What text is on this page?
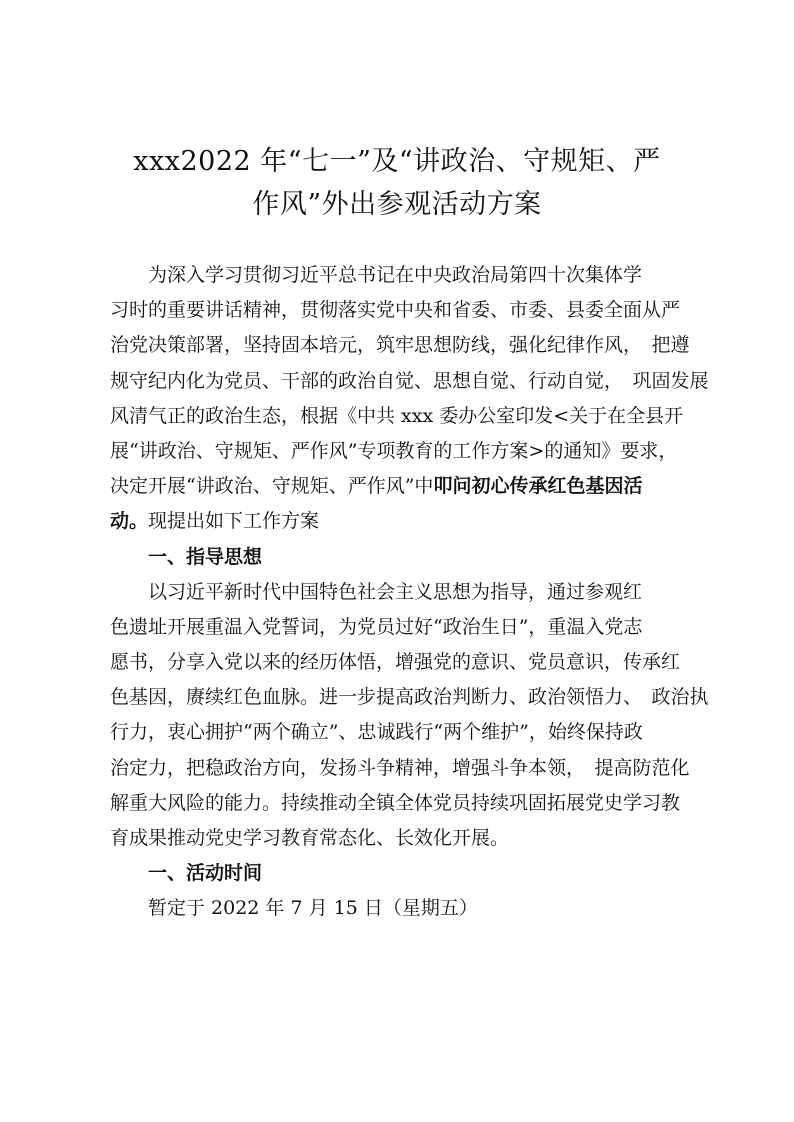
xxx2022 年“七一”及“讲政治、守规矩、严
作风”外出参观活动方案
为深入学习贯彻习近平总书记在中央政治局第四十次集体学
习时的重要讲话精神，贯彻落实党中央和省委、市委、县委全面从严
治党决策部署，坚持固本培元，筑牢思想防线，强化纪律作风，　把遵
规守纪内化为党员、干部的政治自觉、思想自觉、行动自觉，　巩固发展
风清气正的政治生态，根据《中共 xxx 委办公室印发<关于在全县开
展“讲政治、守规矩、严作风”专项教育的工作方案>的通知》要求，
决定开展“讲政治、守规矩、严作风”中叩问初心传承红色基因活
动。现提出如下工作方案
一、指导思想
以习近平新时代中国特色社会主义思想为指导，通过参观红
色遗址开展重温入党誓词，为党员过好“政治生日”，重温入党志
愿书，分享入党以来的经历体悟，增强党的意识、党员意识，传承红
色基因，赓续红色血脉。进一步提高政治判断力、政治领悟力、　政治执
行力，衷心拥护“两个确立”、忠诚践行“两个维护”，始终保持政
治定力，把稳政治方向，发扬斗争精神，增强斗争本领，　提高防范化
解重大风险的能力。持续推动全镇全体党员持续巩固拓展党史学习教
育成果推动党史学习教育常态化、长效化开展。
一、活动时间
暂定于 2022 年 7 月 15 日（星期五）
